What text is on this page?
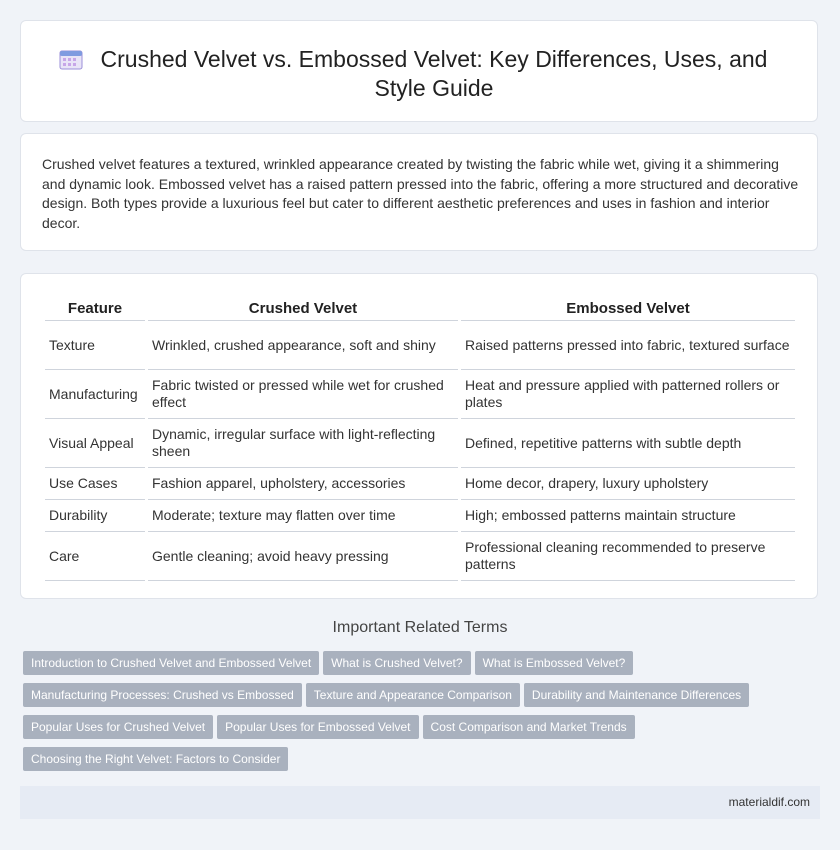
Crushed Velvet vs. Embossed Velvet: Key Differences, Uses, and Style Guide

Crushed velvet features a textured, wrinkled appearance created by twisting the fabric while wet, giving it a shimmering and dynamic look. Embossed velvet has a raised pattern pressed into the fabric, offering a more structured and decorative design. Both types provide a luxurious feel but cater to different aesthetic preferences and uses in fashion and interior decor.

Feature	Crushed Velvet	Embossed Velvet
Texture	Wrinkled, crushed appearance, soft and shiny	Raised patterns pressed into fabric, textured surface
Manufacturing	Fabric twisted or pressed while wet for crushed effect	Heat and pressure applied with patterned rollers or plates
Visual Appeal	Dynamic, irregular surface with light-reflecting sheen	Defined, repetitive patterns with subtle depth
Use Cases	Fashion apparel, upholstery, accessories	Home decor, drapery, luxury upholstery
Durability	Moderate; texture may flatten over time	High; embossed patterns maintain structure
Care	Gentle cleaning; avoid heavy pressing	Professional cleaning recommended to preserve patterns
Important Related Terms
Introduction to Crushed Velvet and Embossed Velvet What is Crushed Velvet? What is Embossed Velvet?
Manufacturing Processes: Crushed vs Embossed Texture and Appearance Comparison Durability and Maintenance Differences
Popular Uses for Crushed Velvet Popular Uses for Embossed Velvet Cost Comparison and Market Trends
Choosing the Right Velvet: Factors to Consider
materialdif.com
